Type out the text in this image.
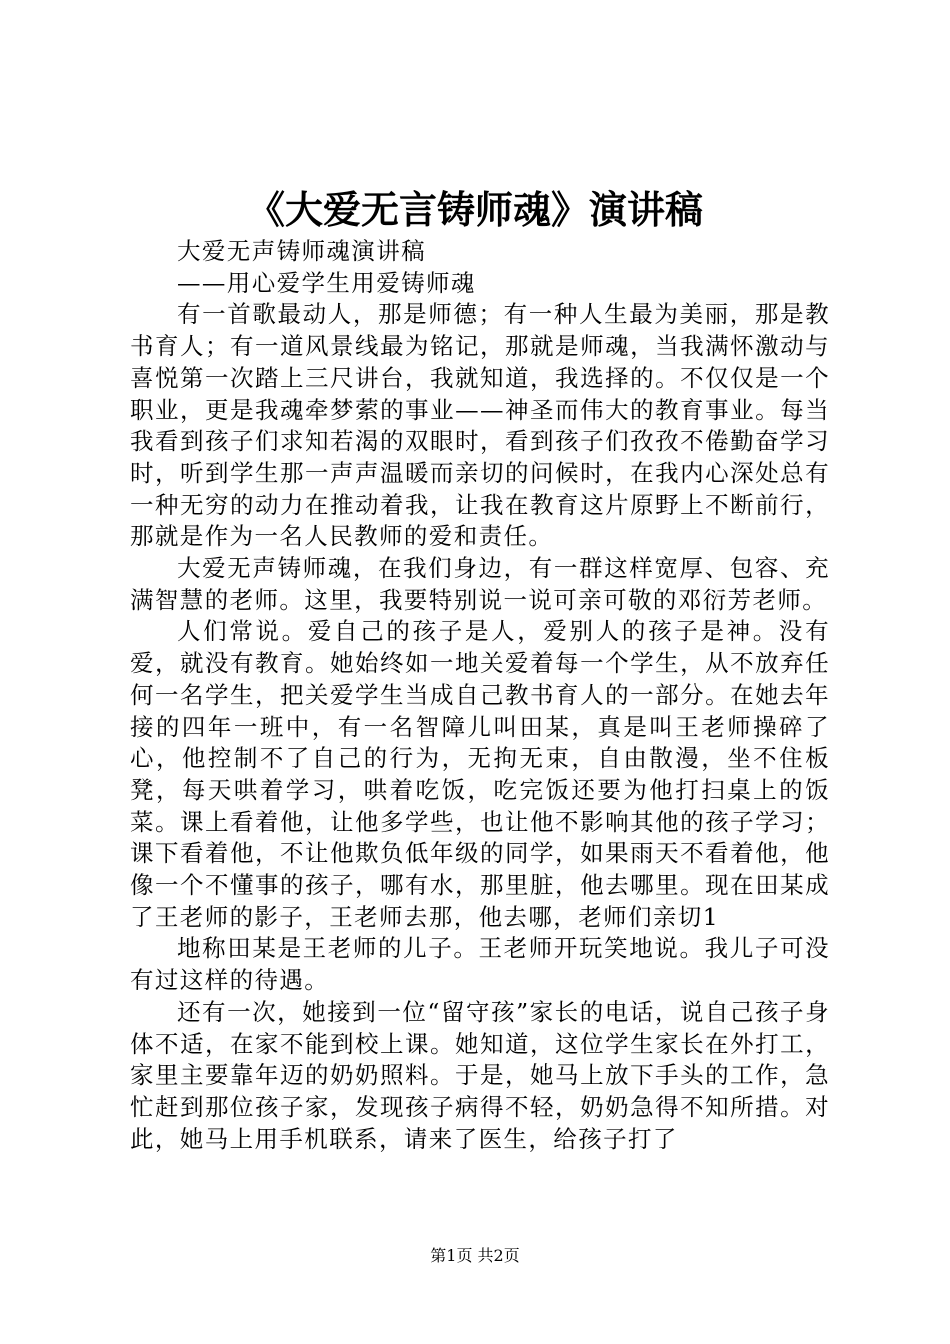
《大爱无言铸师魂》演讲稿

大爱无声铸师魂演讲稿

——用心爱学生用爱铸师魂

有一首歌最动人，那是师德；有一种人生最为美丽，那是教书育人；有一道风景线最为铭记，那就是师魂，当我满怀激动与喜悦第一次踏上三尺讲台，我就知道，我选择的。不仅仅是一个职业，更是我魂牵梦萦的事业——神圣而伟大的教育事业。每当我看到孩子们求知若渴的双眼时，看到孩子们孜孜不倦勤奋学习时，听到学生那一声声温暖而亲切的问候时，在我内心深处总有一种无穷的动力在推动着我，让我在教育这片原野上不断前行，那就是作为一名人民教师的爱和责任。

大爱无声铸师魂，在我们身边，有一群这样宽厚、包容、充满智慧的老师。这里，我要特别说一说可亲可敬的邓衍芳老师。

人们常说。爱自己的孩子是人，爱别人的孩子是神。没有爱，就没有教育。她始终如一地关爱着每一个学生，从不放弃任何一名学生，把关爱学生当成自己教书育人的一部分。在她去年接的四年一班中，有一名智障儿叫田某，真是叫王老师操碎了心，他控制不了自己的行为，无拘无束，自由散漫，坐不住板凳，每天哄着学习，哄着吃饭，吃完饭还要为他打扫桌上的饭菜。课上看着他，让他多学些，也让他不影响其他的孩子学习；课下看着他，不让他欺负低年级的同学，如果雨天不看着他，他像一个不懂事的孩子，哪有水，那里脏，他去哪里。现在田某成了王老师的影子，王老师去那，他去哪，老师们亲切1

地称田某是王老师的儿子。王老师开玩笑地说。我儿子可没有过这样的待遇。

还有一次，她接到一位“留守孩”家长的电话，说自己孩子身体不适，在家不能到校上课。她知道，这位学生家长在外打工，家里主要靠年迈的奶奶照料。于是，她马上放下手头的工作，急忙赶到那位孩子家，发现孩子病得不轻，奶奶急得不知所措。对此，她马上用手机联系，请来了医生，给孩子打了

第1页 共2页
